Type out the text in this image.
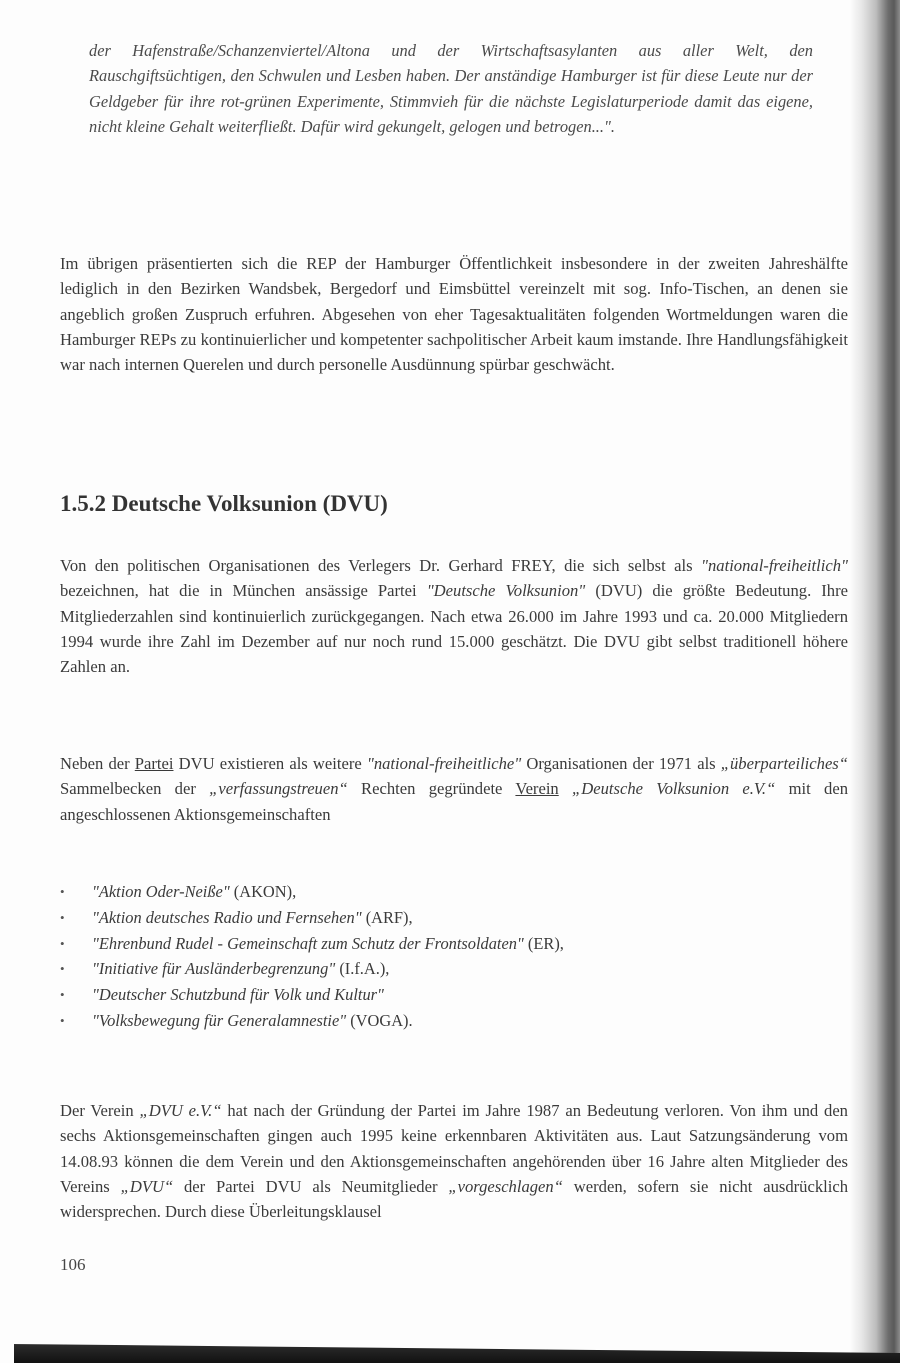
der Hafenstraße/Schanzenviertel/Altona und der Wirtschaftsasylanten aus aller Welt, den Rauschgiftsüchtigen, den Schwulen und Lesben haben. Der anständige Hamburger ist für diese Leute nur der Geldgeber für ihre rot-grünen Experimente, Stimmvieh für die nächste Legislaturperiode damit das eigene, nicht kleine Gehalt weiterfließt. Dafür wird gekungelt, gelogen und betrogen...".

Im übrigen präsentierten sich die REP der Hamburger Öffentlichkeit insbesondere in der zweiten Jahreshälfte lediglich in den Bezirken Wandsbek, Bergedorf und Eimsbüttel vereinzelt mit sog. Info-Tischen, an denen sie angeblich großen Zuspruch erfuhren. Abgesehen von eher Tagesaktualitäten folgenden Wortmeldungen waren die Hamburger REPs zu kontinuierlicher und kompetenter sachpolitischer Arbeit kaum imstande. Ihre Handlungsfähigkeit war nach internen Querelen und durch personelle Ausdünnung spürbar geschwächt.

1.5.2 Deutsche Volksunion (DVU)

Von den politischen Organisationen des Verlegers Dr. Gerhard FREY, die sich selbst als "national-freiheitlich" bezeichnen, hat die in München ansässige Partei "Deutsche Volksunion" (DVU) die größte Bedeutung. Ihre Mitgliederzahlen sind kontinuierlich zurückgegangen. Nach etwa 26.000 im Jahre 1993 und ca. 20.000 Mitgliedern 1994 wurde ihre Zahl im Dezember auf nur noch rund 15.000 geschätzt. Die DVU gibt selbst traditionell höhere Zahlen an.

Neben der Partei DVU existieren als weitere "national-freiheitliche" Organisationen der 1971 als „überparteiliches“ Sammelbecken der „verfassungstreuen“ Rechten gegründete Verein „Deutsche Volksunion e.V.“ mit den angeschlossenen Aktionsgemeinschaften

• "Aktion Oder-Neiße" (AKON),
• "Aktion deutsches Radio und Fernsehen" (ARF),
• "Ehrenbund Rudel - Gemeinschaft zum Schutz der Frontsoldaten" (ER),
• "Initiative für Ausländerbegrenzung" (I.f.A.),
• "Deutscher Schutzbund für Volk und Kultur"
• "Volksbewegung für Generalamnestie" (VOGA).

Der Verein „DVU e.V.“ hat nach der Gründung der Partei im Jahre 1987 an Bedeutung verloren. Von ihm und den sechs Aktionsgemeinschaften gingen auch 1995 keine erkennbaren Aktivitäten aus. Laut Satzungsänderung vom 14.08.93 können die dem Verein und den Aktionsgemeinschaften angehörenden über 16 Jahre alten Mitglieder des Vereins „DVU“ der Partei DVU als Neumitglieder „vorgeschlagen“ werden, sofern sie nicht ausdrücklich widersprechen. Durch diese Überleitungsklausel

106
